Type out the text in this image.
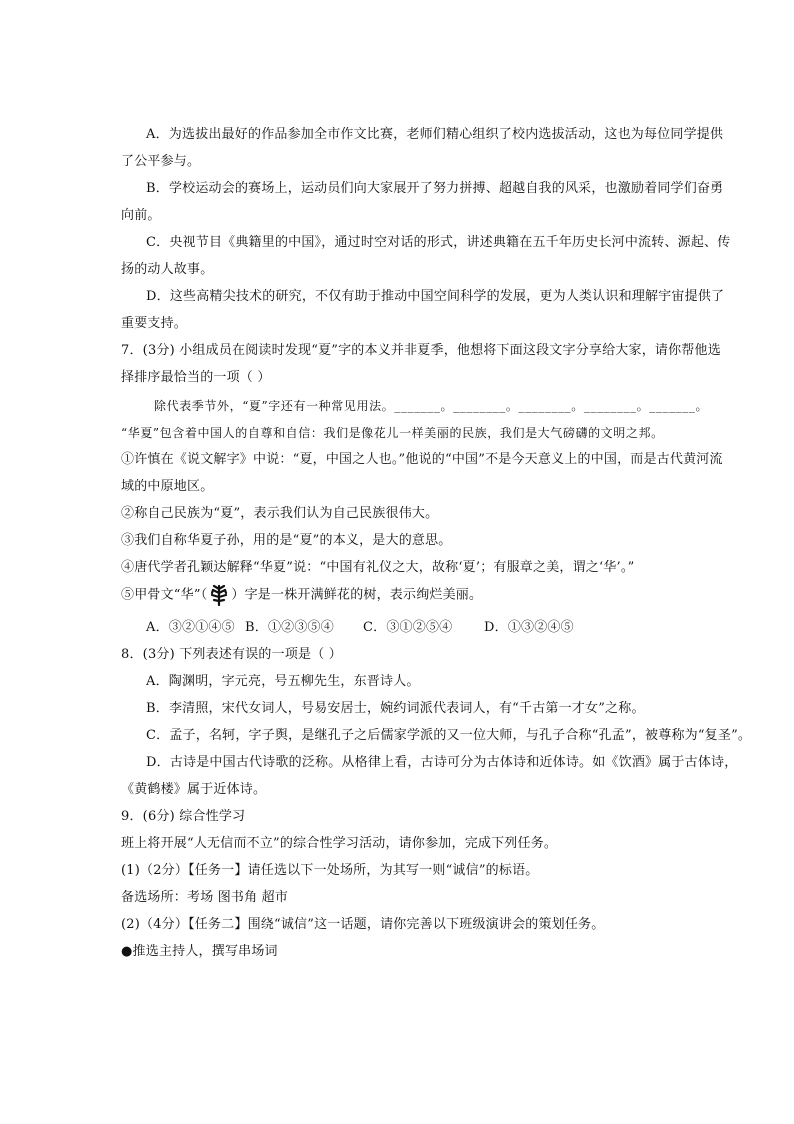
A．为选拔出最好的作品参加全市作文比赛，老师们精心组织了校内选拔活动，这也为每位同学提供

了公平参与。

B．学校运动会的赛场上，运动员们向大家展开了努力拼搏、超越自我的风采，也激励着同学们奋勇

向前。

C．央视节目《典籍里的中国》，通过时空对话的形式，讲述典籍在五千年历史长河中流转、源起、传

扬的动人故事。

D．这些高精尖技术的研究，不仅有助于推动中国空间科学的发展，更为人类认识和理解宇宙提供了

重要支持。

7．(3分) 小组成员在阅读时发现“夏”字的本义并非夏季，他想将下面这段文字分享给大家，请你帮他选

择排序最恰当的一项（ ）

除代表季节外，“夏”字还有一种常见用法。_______。________。________。________。_______。

“华夏”包含着中国人的自尊和自信：我们是像花儿一样美丽的民族，我们是大气磅礴的文明之邦。

①许慎在《说文解字》中说：“夏，中国之人也。”他说的“中国”不是今天意义上的中国，而是古代黄河流

域的中原地区。

②称自己民族为“夏”，表示我们认为自己民族很伟大。

③我们自称华夏子孙，用的是“夏”的本义，是大的意思。

④唐代学者孔颖达解释“华夏”说：“中国有礼仪之大，故称‘夏’；有服章之美，谓之‘华’。”

⑤甲骨文“华”（ ）字是一株开满鲜花的树，表示绚烂美丽。

A．③②①④⑤ B．①②③⑤④ C．③①②⑤④ D．①③②④⑤

8．(3分) 下列表述有误的一项是（ ）

A．陶渊明，字元亮，号五柳先生，东晋诗人。

B．李清照，宋代女词人，号易安居士，婉约词派代表词人，有“千古第一才女”之称。

C．孟子，名轲，字子舆，是继孔子之后儒家学派的又一位大师，与孔子合称“孔孟”，被尊称为“复圣”。

D．古诗是中国古代诗歌的泛称。从格律上看，古诗可分为古体诗和近体诗。如《饮酒》属于古体诗，

《黄鹤楼》属于近体诗。

9．(6分) 综合性学习

班上将开展“人无信而不立”的综合性学习活动，请你参加，完成下列任务。

(1)（2分）【任务一】请任选以下一处场所，为其写一则“诚信”的标语。

备选场所：考场 图书角 超市

(2)（4分）【任务二】围绕“诚信”这一话题，请你完善以下班级演讲会的策划任务。

●推选主持人，撰写串场词
